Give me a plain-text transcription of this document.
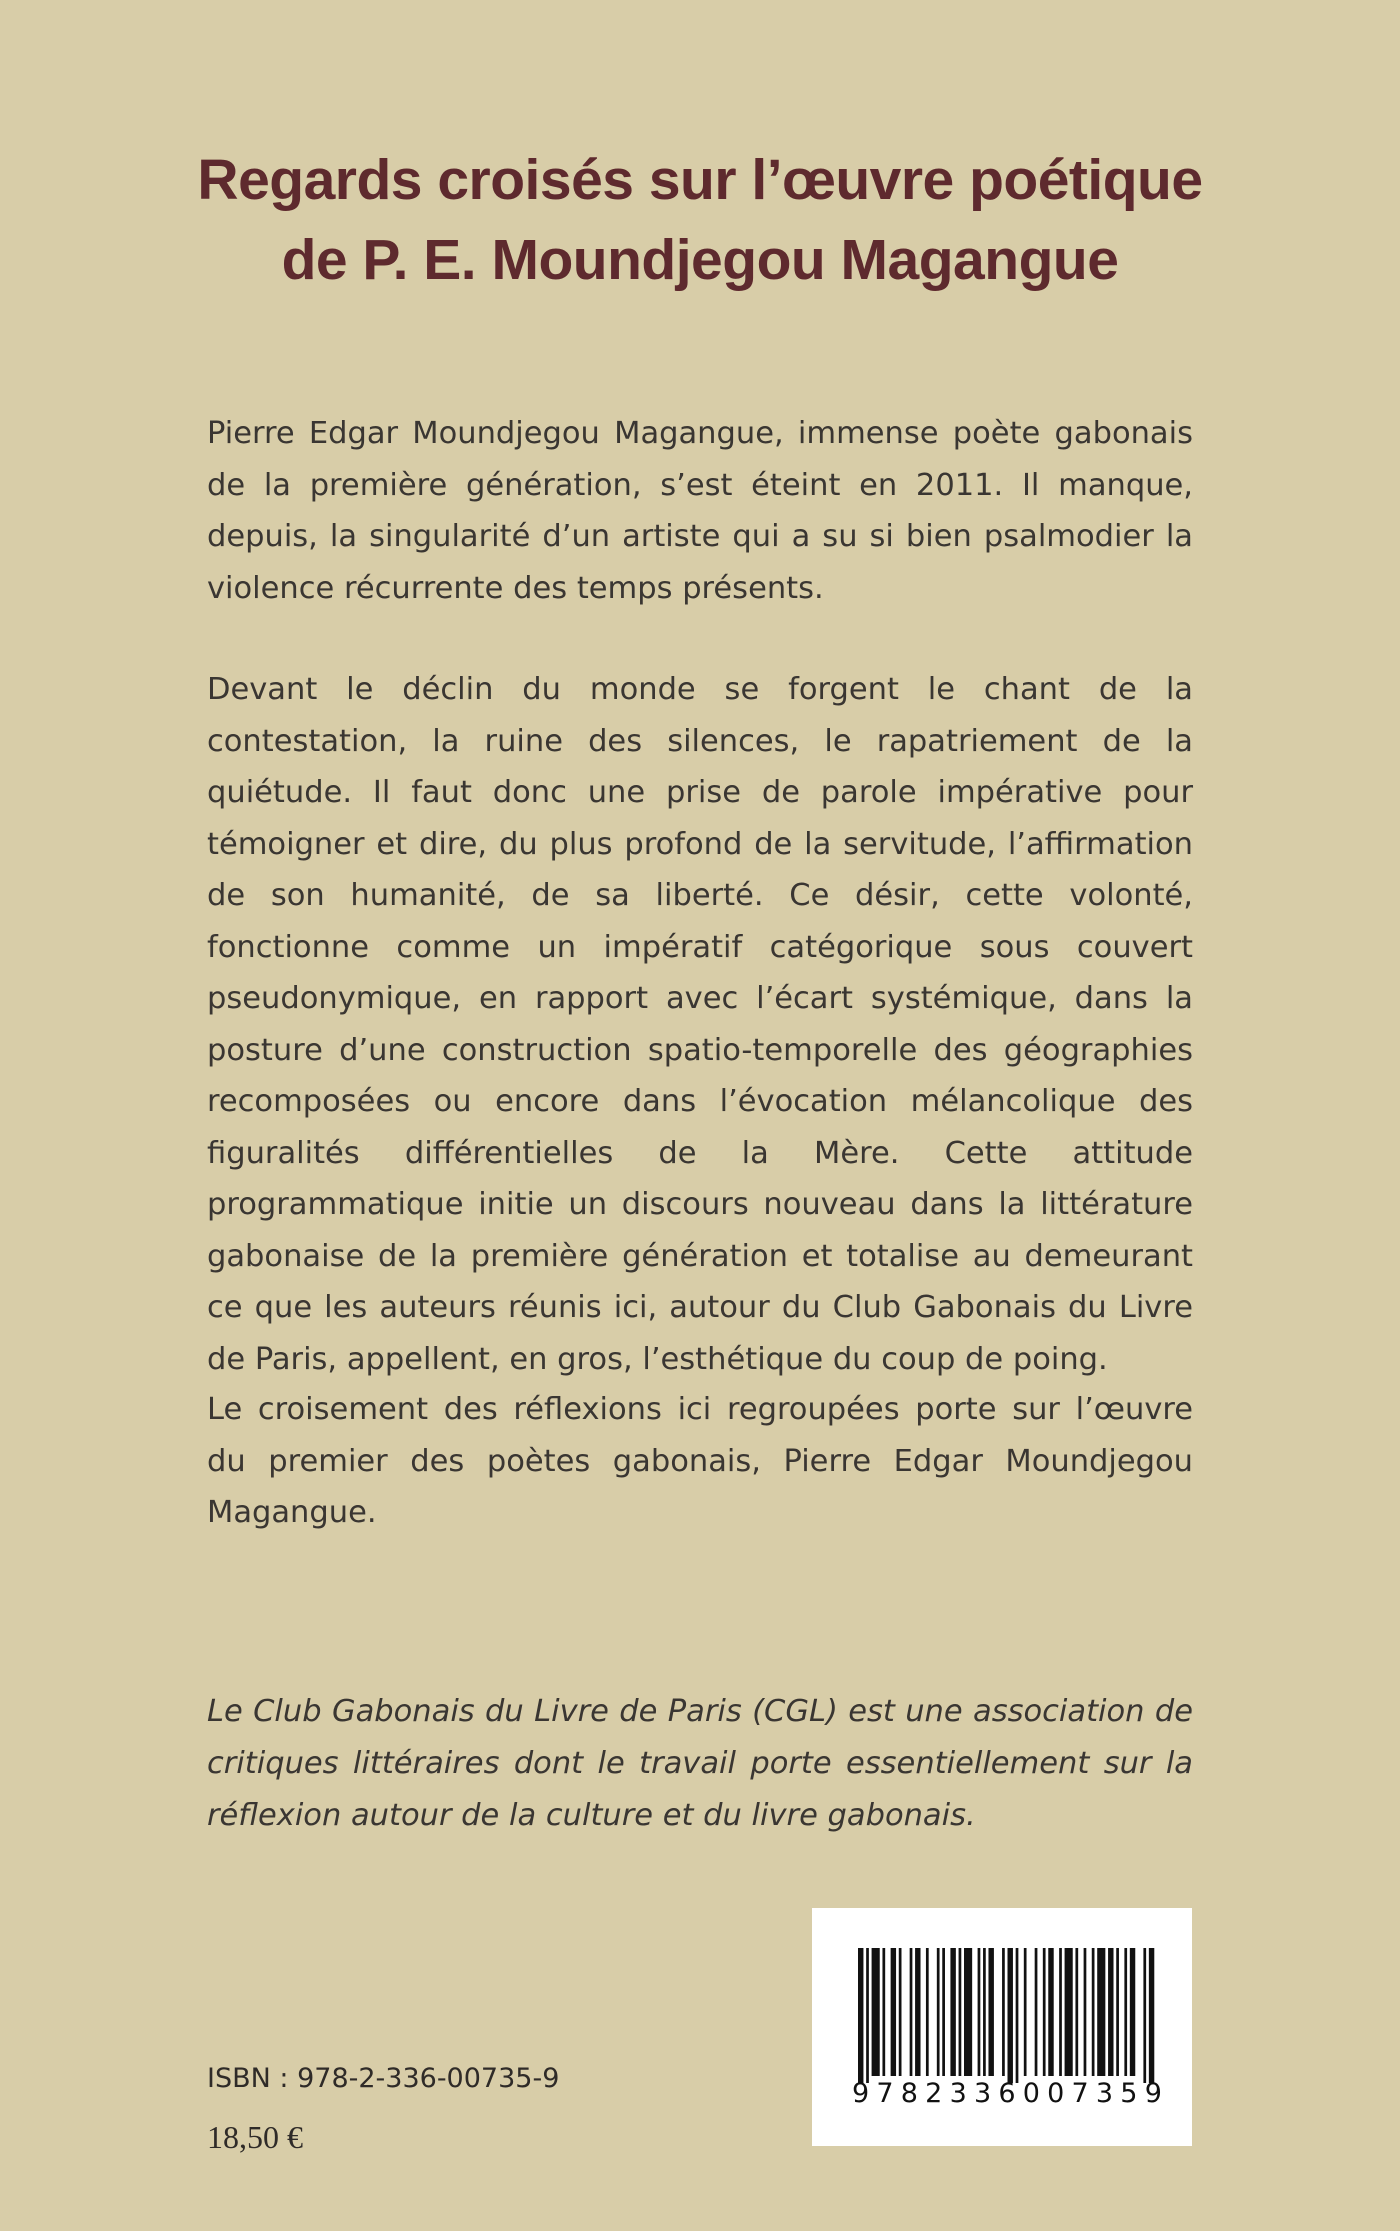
Regards croisés sur l’œuvre poétique
de P. E. Moundjegou Magangue

Pierre Edgar Moundjegou Magangue, immense poète gabonais de la première génération, s’est éteint en 2011. Il manque, depuis, la singularité d’un artiste qui a su si bien psalmodier la violence récurrente des temps présents.

Devant le déclin du monde se forgent le chant de la contestation, la ruine des silences, le rapatriement de la quiétude. Il faut donc une prise de parole impérative pour témoigner et dire, du plus profond de la servitude, l’affirmation de son humanité, de sa liberté. Ce désir, cette volonté, fonctionne comme un impératif catégorique sous couvert pseudonymique, en rapport avec l’écart systémique, dans la posture d’une construction spatio-temporelle des géographies recomposées ou encore dans l’évocation mélancolique des figuralités différentielles de la Mère. Cette attitude programmatique initie un discours nouveau dans la littérature gabonaise de la première génération et totalise au demeurant ce que les auteurs réunis ici, autour du Club Gabonais du Livre de Paris, appellent, en gros, l’esthétique du coup de poing.

Le croisement des réflexions ici regroupées porte sur l’œuvre du premier des poètes gabonais, Pierre Edgar Moundjegou Magangue.

Le Club Gabonais du Livre de Paris (CGL) est une association de critiques littéraires dont le travail porte essentiellement sur la réflexion autour de la culture et du livre gabonais.

ISBN : 978-2-336-00735-9
18,50 €
9 7 8 2 3 3 6 0 0 7 3 5 9
